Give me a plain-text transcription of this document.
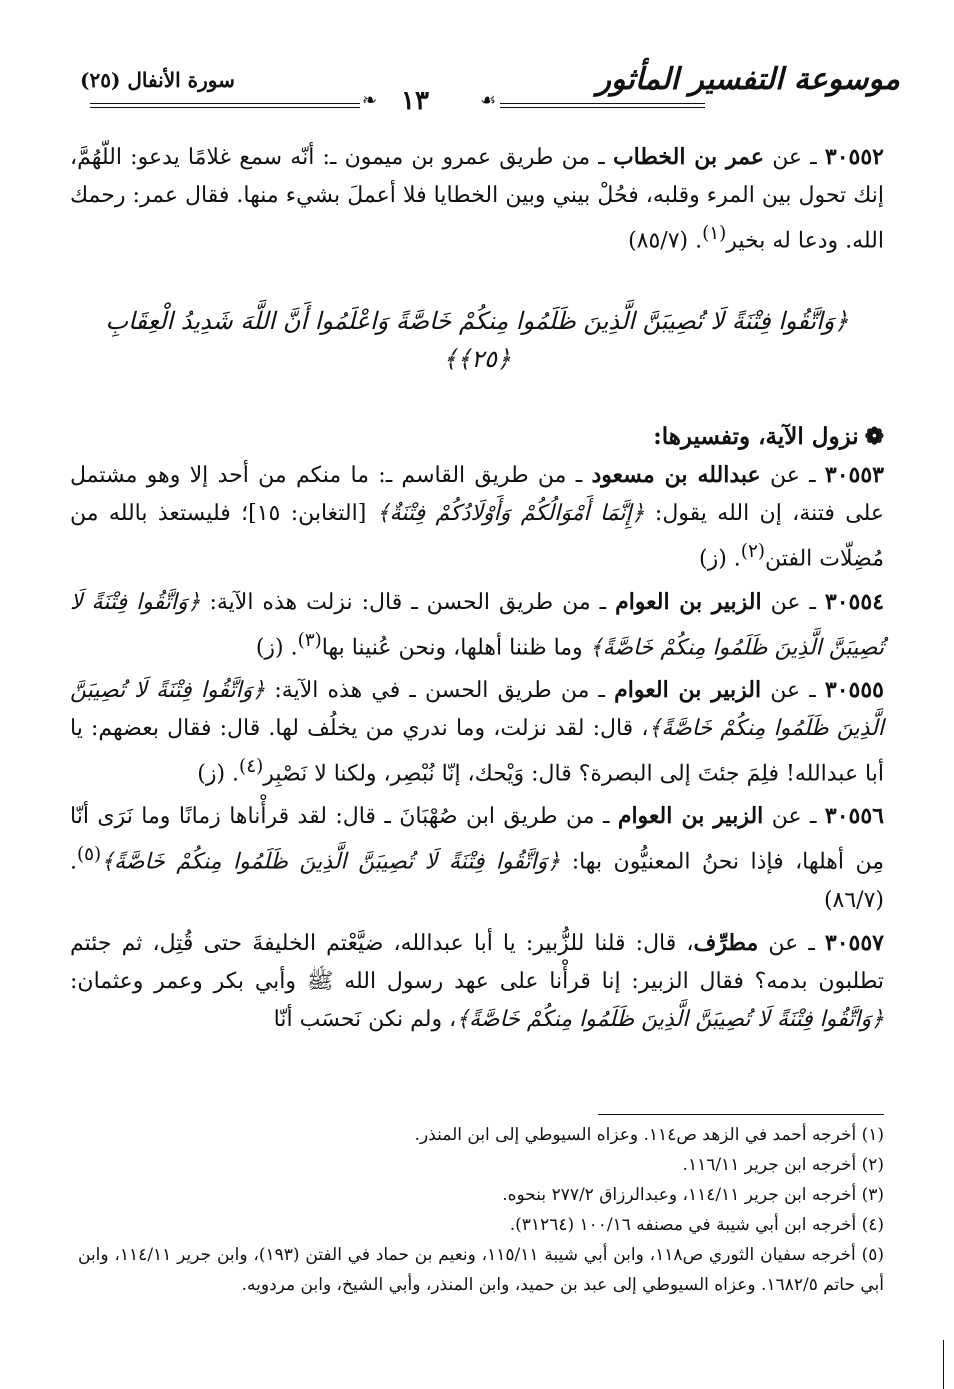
موسوعة التفسير المأثور
سورة الأنفال (٢٥)
❧	☙
١٣

٣٠٥٥٢ ـ عن عمر بن الخطاب ـ من طريق عمرو بن ميمون ـ: أنّه سمع غلامًا يدعو: اللّهُمَّ، إنك تحول بين المرء وقلبه، فحُلْ بيني وبين الخطايا فلا أعملَ بشيء منها. فقال عمر: رحمك الله. ودعا له بخير$^{(١)}$. (٨٥/٧)

﴿وَاتَّقُوا فِتْنَةً لَا تُصِيبَنَّ الَّذِينَ ظَلَمُوا مِنكُمْ خَاصَّةً وَاعْلَمُوا أَنَّ اللَّهَ شَدِيدُ الْعِقَابِ ﴿٢٥﴾﴾

❁نزول الآية، وتفسيرها:

٣٠٥٥٣ ـ عن عبدالله بن مسعود ـ من طريق القاسم ـ: ما منكم من أحد إلا وهو مشتمل على فتنة، إن الله يقول: ﴿إِنَّمَا أَمْوَالُكُمْ وَأَوْلَادُكُمْ فِتْنَةٌ﴾ [التغابن: ١٥]؛ فليستعذ بالله من مُضِلّات الفتن$^{(٢)}$. (ز)

٣٠٥٥٤ ـ عن الزبير بن العوام ـ من طريق الحسن ـ قال: نزلت هذه الآية: ﴿وَاتَّقُوا فِتْنَةً لَا تُصِيبَنَّ الَّذِينَ ظَلَمُوا مِنكُمْ خَاصَّةً﴾ وما ظننا أهلها، ونحن عُنينا بها$^{(٣)}$. (ز)

٣٠٥٥٥ ـ عن الزبير بن العوام ـ من طريق الحسن ـ في هذه الآية: ﴿وَاتَّقُوا فِتْنَةً لَا تُصِيبَنَّ الَّذِينَ ظَلَمُوا مِنكُمْ خَاصَّةً﴾، قال: لقد نزلت، وما ندري من يخلُف لها. قال: فقال بعضهم: يا أبا عبدالله! فلِمَ جئتَ إلى البصرة؟ قال: وَيْحك، إنّا نُبْصِر، ولكنا لا نَصْبِر$^{(٤)}$. (ز)

٣٠٥٥٦ ـ عن الزبير بن العوام ـ من طريق ابن صُهْبَانَ ـ قال: لقد قرأْناها زمانًا وما نَرَى أنّا مِن أهلها، فإذا نحنُ المعنيُّون بها: ﴿وَاتَّقُوا فِتْنَةً لَا تُصِيبَنَّ الَّذِينَ ظَلَمُوا مِنكُمْ خَاصَّةً﴾$^{(٥)}$. (٨٦/٧)

٣٠٥٥٧ ـ عن مطرِّف، قال: قلنا للزُّبير: يا أبا عبدالله، ضيَّعْتم الخليفةَ حتى قُتِل، ثم جئتم تطلبون بدمه؟ فقال الزبير: إنا قرأْنا على عهد رسول الله ﷺ وأبي بكر وعمر وعثمان: ﴿وَاتَّقُوا فِتْنَةً لَا تُصِيبَنَّ الَّذِينَ ظَلَمُوا مِنكُمْ خَاصَّةً﴾، ولم نكن نَحسَب أنّا

(١) أخرجه أحمد في الزهد ص١١٤. وعزاه السيوطي إلى ابن المنذر.

(٢) أخرجه ابن جرير ١١٦/١١.

(٣) أخرجه ابن جرير ١١٤/١١، وعبدالرزاق ٢٧٧/٢ بنحوه.

(٤) أخرجه ابن أبي شيبة في مصنفه ١٠٠/١٦ (٣١٢٦٤).

(٥) أخرجه سفيان الثوري ص١١٨، وابن أبي شيبة ١١٥/١١، ونعيم بن حماد في الفتن (١٩٣)، وابن جرير ١١٤/١١، وابن أبي حاتم ١٦٨٢/٥. وعزاه السيوطي إلى عبد بن حميد، وابن المنذر، وأبي الشيخ، وابن مردويه.
